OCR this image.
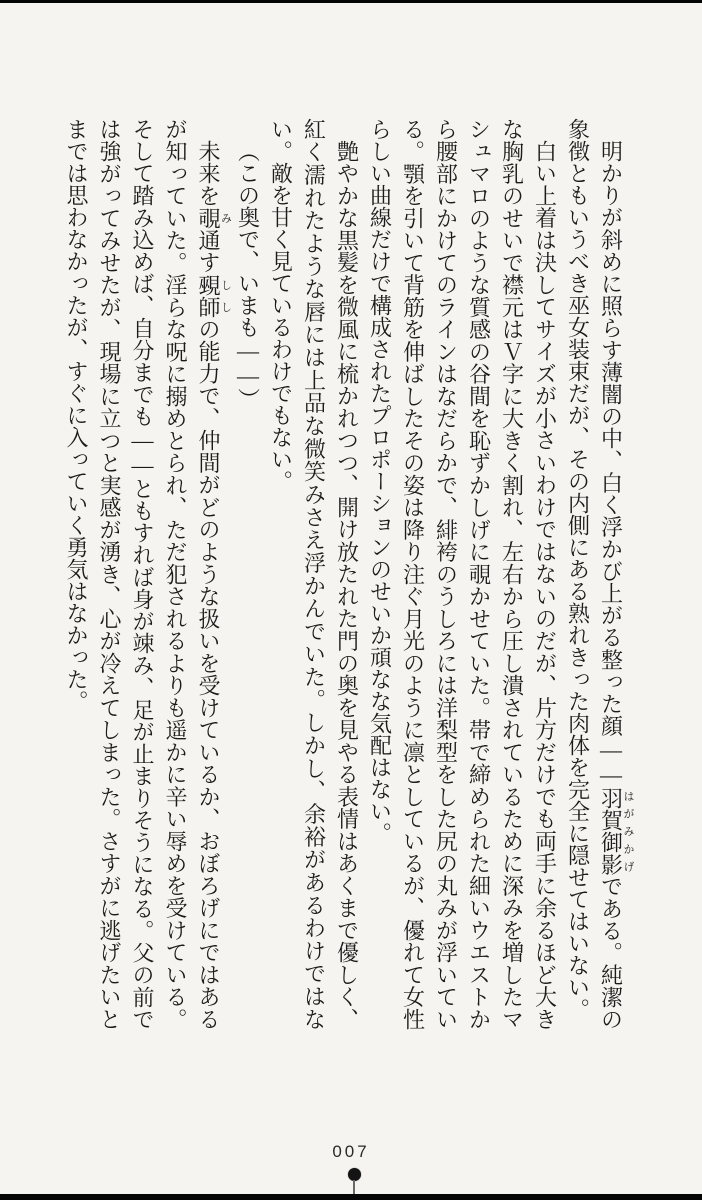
明かりが斜めに照らす薄闇の中、白く浮かび上がる整った顔――羽賀御影はがみかげである。純潔の象徴ともいうべき巫女装束だが、その内側にある熟れきった肉体を完全に隠せてはいない。

白い上着は決してサイズが小さいわけではないのだが、片方だけでも両手に余るほど大きな胸乳のせいで襟元はＶ字に大きく割れ、左右から圧し潰されているために深みを増したマシュマロのような質感の谷間を恥ずかしげに覗かせていた。帯で締められた細いウエストから腰部にかけてのラインはなだらかで、緋袴のうしろには洋梨型をした尻の丸みが浮いている。顎を引いて背筋を伸ばしたその姿は降り注ぐ月光のように凛としているが、優れて女性らしい曲線だけで構成されたプロポーションのせいか頑なな気配はない。

艶やかな黒髪を微風に梳かれつつ、開け放たれた門の奥を見やる表情はあくまで優しく、紅く濡れたような唇には上品な微笑みさえ浮かんでいた。しかし、余裕があるわけではない。敵を甘く見ているわけでもない。

（この奥で、いまも――）

未来を覗み通す覡師ししの能力で、仲間がどのような扱いを受けているか、おぼろげにではあるが知っていた。淫らな呪に搦めとられ、ただ犯されるよりも遥かに辛い辱めを受けている。そして踏み込めば、自分までも――ともすれば身が竦み、足が止まりそうになる。父の前では強がってみせたが、現場に立つと実感が湧き、心が冷えてしまった。さすがに逃げたいとまでは思わなかったが、すぐに入っていく勇気はなかった。

007
